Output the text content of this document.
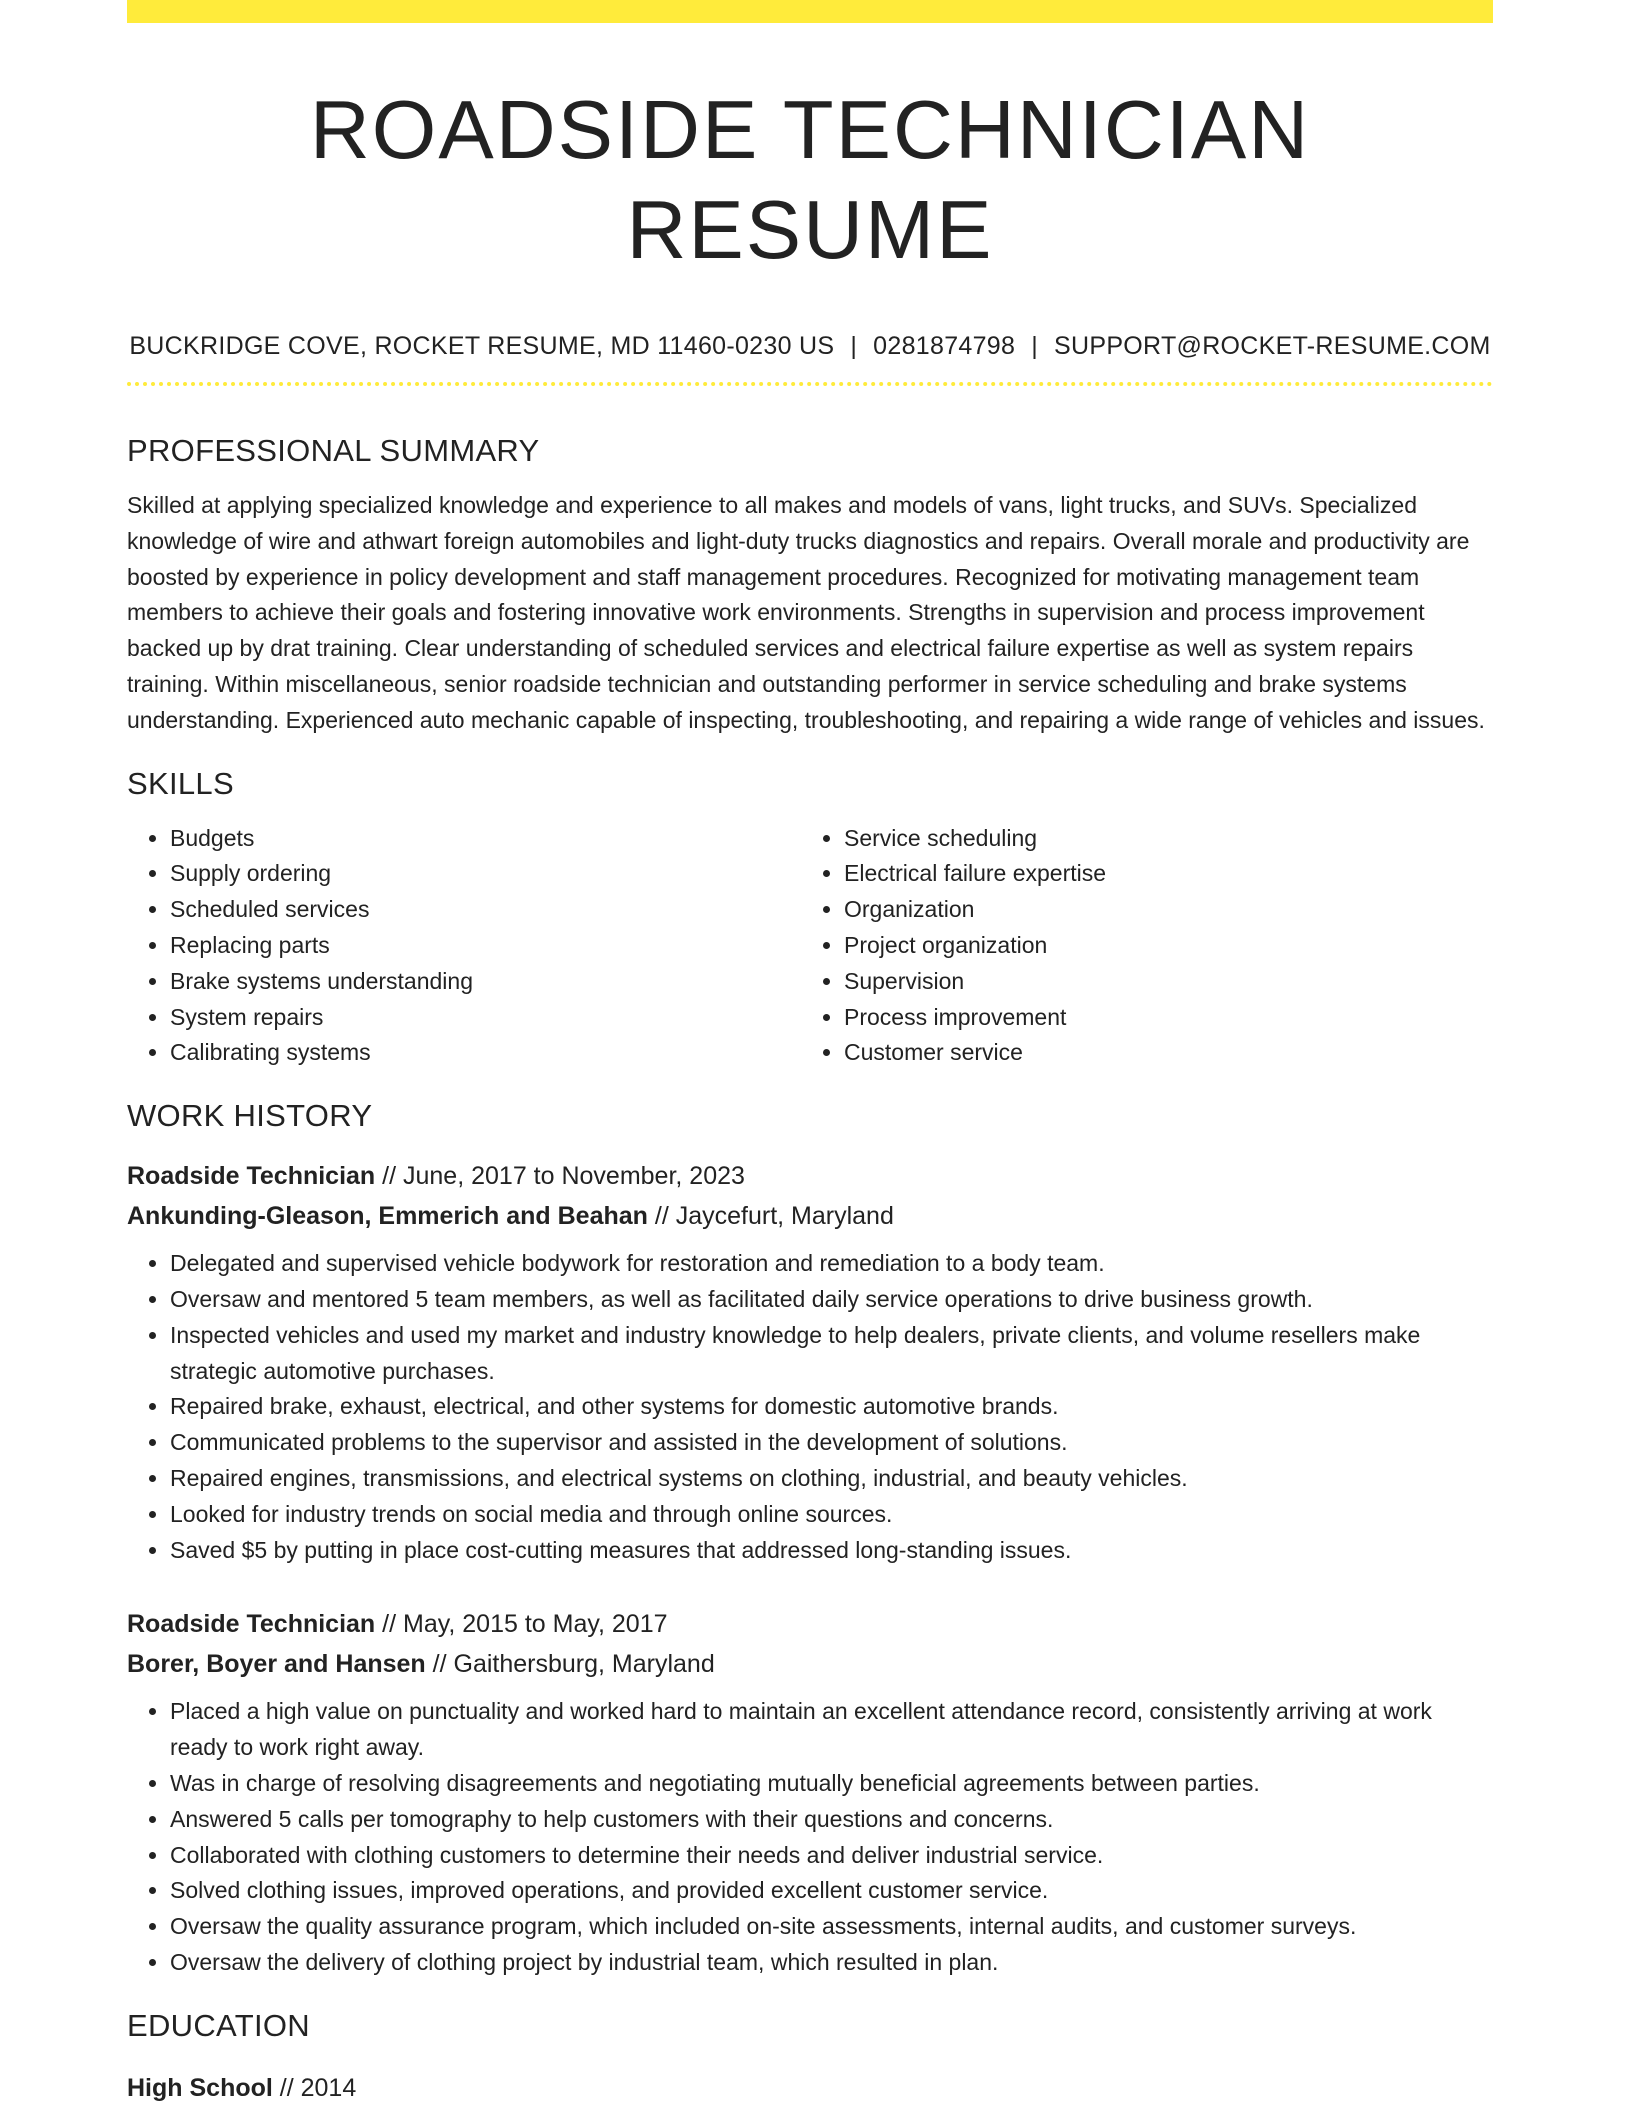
ROADSIDE TECHNICIAN RESUME
BUCKRIDGE COVE, ROCKET RESUME, MD 11460-0230 US | 0281874798 | SUPPORT@ROCKET-RESUME.COM
PROFESSIONAL SUMMARY

Skilled at applying specialized knowledge and experience to all makes and models of vans, light trucks, and SUVs. Specialized knowledge of wire and athwart foreign automobiles and light-duty trucks diagnostics and repairs. Overall morale and productivity are boosted by experience in policy development and staff management procedures. Recognized for motivating management team members to achieve their goals and fostering innovative work environments. Strengths in supervision and process improvement backed up by drat training. Clear understanding of scheduled services and electrical failure expertise as well as system repairs training. Within miscellaneous, senior roadside technician and outstanding performer in service scheduling and brake systems understanding. Experienced auto mechanic capable of inspecting, troubleshooting, and repairing a wide range of vehicles and issues.

SKILLS
• Budgets
• Supply ordering
• Scheduled services
• Replacing parts
• Brake systems understanding
• System repairs
• Calibrating systems
• Service scheduling
• Electrical failure expertise
• Organization
• Project organization
• Supervision
• Process improvement
• Customer service
WORK HISTORY
Roadside Technician // June, 2017 to November, 2023
Ankunding-Gleason, Emmerich and Beahan // Jaycefurt, Maryland
• Delegated and supervised vehicle bodywork for restoration and remediation to a body team.
• Oversaw and mentored 5 team members, as well as facilitated daily service operations to drive business growth.
• Inspected vehicles and used my market and industry knowledge to help dealers, private clients, and volume resellers make strategic automotive purchases.
• Repaired brake, exhaust, electrical, and other systems for domestic automotive brands.
• Communicated problems to the supervisor and assisted in the development of solutions.
• Repaired engines, transmissions, and electrical systems on clothing, industrial, and beauty vehicles.
• Looked for industry trends on social media and through online sources.
• Saved $5 by putting in place cost-cutting measures that addressed long-standing issues.
Roadside Technician // May, 2015 to May, 2017
Borer, Boyer and Hansen // Gaithersburg, Maryland
• Placed a high value on punctuality and worked hard to maintain an excellent attendance record, consistently arriving at work ready to work right away.
• Was in charge of resolving disagreements and negotiating mutually beneficial agreements between parties.
• Answered 5 calls per tomography to help customers with their questions and concerns.
• Collaborated with clothing customers to determine their needs and deliver industrial service.
• Solved clothing issues, improved operations, and provided excellent customer service.
• Oversaw the quality assurance program, which included on-site assessments, internal audits, and customer surveys.
• Oversaw the delivery of clothing project by industrial team, which resulted in plan.
EDUCATION
High School // 2014
